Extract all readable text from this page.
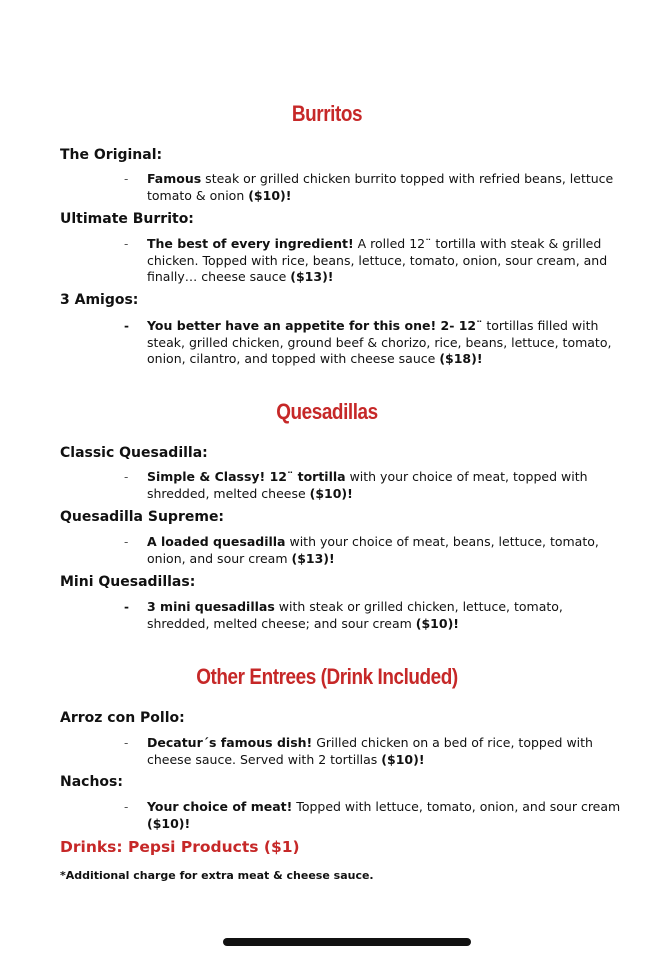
Burritos

The Original:

- Famous steak or grilled chicken burrito topped with refried beans, lettuce tomato & onion ($10)!

Ultimate Burrito:

- The best of every ingredient! A rolled 12¨ tortilla with steak & grilled chicken. Topped with rice, beans, lettuce, tomato, onion, sour cream, and finally… cheese sauce ($13)!

3 Amigos:

- You better have an appetite for this one! 2- 12¨ tortillas filled with steak, grilled chicken, ground beef & chorizo, rice, beans, lettuce, tomato, onion, cilantro, and topped with cheese sauce ($18)!

Quesadillas

Classic Quesadilla:

- Simple & Classy! 12¨ tortilla with your choice of meat, topped with shredded, melted cheese ($10)!

Quesadilla Supreme:

- A loaded quesadilla with your choice of meat, beans, lettuce, tomato, onion, and sour cream ($13)!

Mini Quesadillas:

- 3 mini quesadillas with steak or grilled chicken, lettuce, tomato, shredded, melted cheese; and sour cream ($10)!

Other Entrees (Drink Included)

Arroz con Pollo:

- Decatur´s famous dish! Grilled chicken on a bed of rice, topped with cheese sauce. Served with 2 tortillas ($10)!

Nachos:

- Your choice of meat! Topped with lettuce, tomato, onion, and sour cream ($10)!

Drinks: Pepsi Products ($1)

*Additional charge for extra meat & cheese sauce.
